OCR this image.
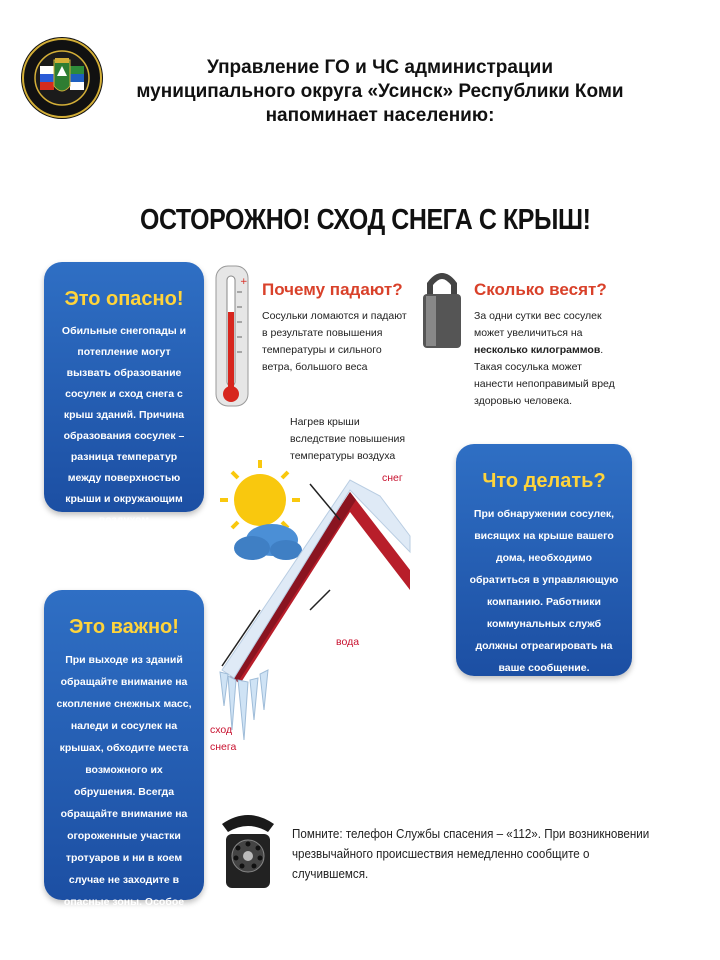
Управление ГО и ЧС администрации
муниципального округа «Усинск» Республики Коми
напоминает населению:
ОСТОРОЖНО! СХОД СНЕГА С КРЫШ!
Это опасно!
Обильные снегопады и потепление могут вызвать образование сосулек и сход снега с крыш зданий. Причина образования сосулек – разница температур между поверхностью крыши и окружающим воздухом
+ Почему падают?
Сосульки ломаются и падают в результате повышения температуры и сильного ветра, большого веса
Сколько весят?
За одни сутки вес сосулек может увеличиться на несколько килограммов. Такая сосулька может нанести непоправимый вред здоровью человека.
Нагрев крыши вследствие повышения температуры воздуха
снег
вода
сход снега
Что делать?
При обнаружении сосулек, висящих на крыше вашего дома, необходимо обратиться в управляющую компанию. Работники коммунальных служб должны отреагировать на ваше сообщение.
Это важно!
При выходе из зданий обращайте внимание на скопление снежных масс, наледи и сосулек на крышах, обходите места возможного их обрушения. Всегда обращайте внимание на огороженные участки тротуаров и ни в коем случае не заходите в опасные зоны. Особое внимание уделяйте
Помните: телефон Службы спасения – «112». При возникновении чрезвычайного происшествия немедленно сообщите о случившемся.
